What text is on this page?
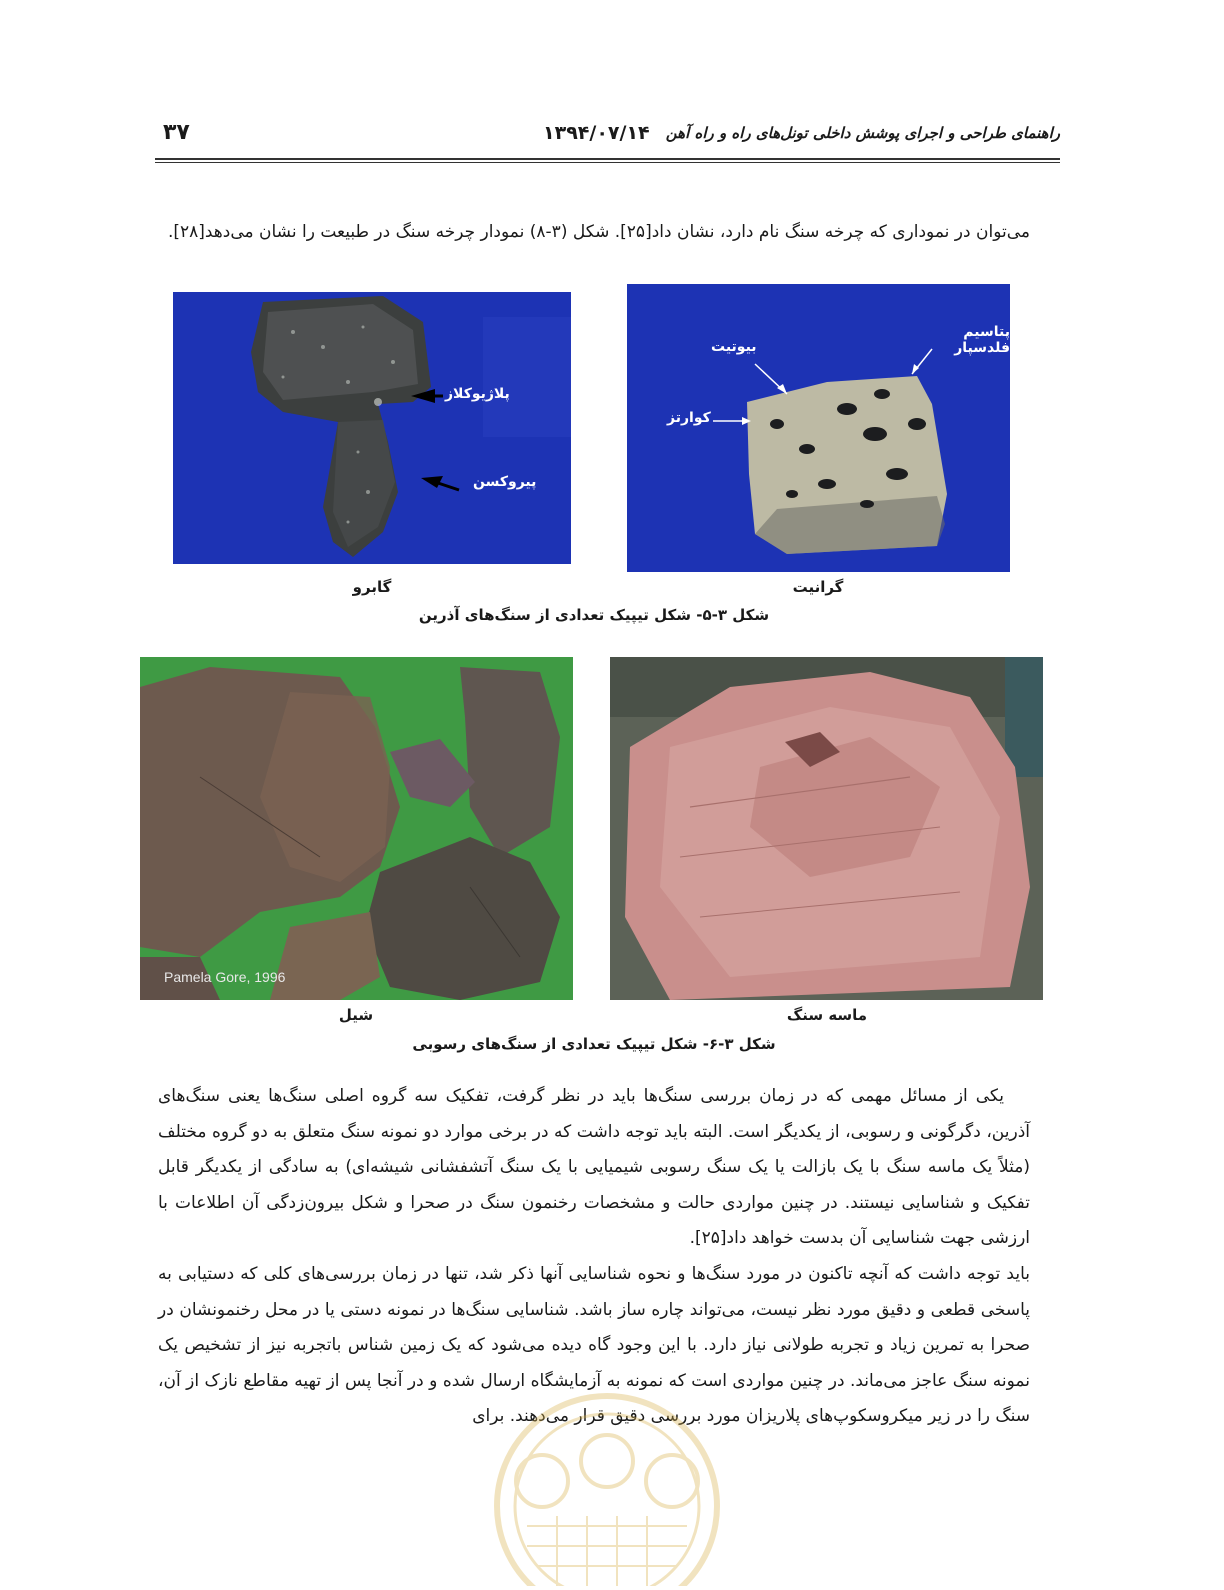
۳۷	۱۳۹۴/۰۷/۱۴ راهنمای طراحی و اجرای پوشش داخلی تونل‌های راه و راه آهن

می‌توان در نموداری که چرخه سنگ نام دارد، نشان داد[۲۵]. شکل (۳-۸) نمودار چرخه سنگ در طبیعت را نشان می‌دهد[۲۸].

پلاژیوکلاز
پیروکسن
پتاسیم فلدسپار
بیوتیت
کوارتز
گابرو	گرانیت
شکل ۳-۵- شکل تیپیک تعدادی از سنگ‌های آذرین
Pamela Gore, 1996
شیل	ماسه سنگ
شکل ۳-۶- شکل تیپیک تعدادی از سنگ‌های رسوبی

یکی از مسائل مهمی که در زمان بررسی سنگ‌ها باید در نظر گرفت، تفکیک سه گروه اصلی سنگ‌ها یعنی سنگ‌های آذرین، دگرگونی و رسوبی، از یکدیگر است. البته باید توجه داشت که در برخی موارد دو نمونه سنگ متعلق به دو گروه مختلف (مثلاً یک ماسه سنگ با یک بازالت یا یک سنگ رسوبی شیمیایی با یک سنگ آتشفشانی شیشه‌ای) به سادگی از یکدیگر قابل تفکیک و شناسایی نیستند. در چنین مواردی حالت و مشخصات رخنمون سنگ در صحرا و شکل بیرون‌زدگی آن اطلاعات با ارزشی جهت شناسایی آن بدست خواهد داد[۲۵].

باید توجه داشت که آنچه تاکنون در مورد سنگ‌ها و نحوه شناسایی آنها ذکر شد، تنها در زمان بررسی‌های کلی که دستیابی به پاسخی قطعی و دقیق مورد نظر نیست، می‌تواند چاره ساز باشد. شناسایی سنگ‌ها در نمونه دستی یا در محل رخنمونشان در صحرا به تمرین زیاد و تجربه طولانی نیاز دارد. با این وجود گاه دیده می‌شود که یک زمین شناس باتجربه نیز از تشخیص یک نمونه سنگ عاجز می‌ماند. در چنین مواردی است که نمونه به آزمایشگاه ارسال شده و در آنجا پس از تهیه مقاطع نازک از آن، سنگ را در زیر میکروسکوپ‌های پلاریزان مورد بررسی دقیق قرار می‌دهند. برای
